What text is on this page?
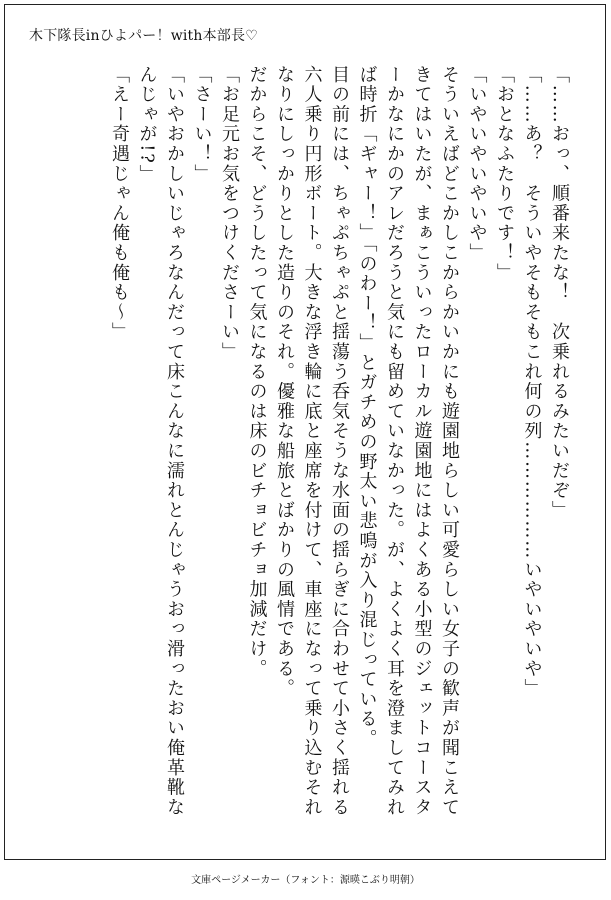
木下隊長inひよパー！with本部長♡

「……おっ、順番来たな！　次乗れるみたいだぞ」

「……あ？　そういやそもそもこれ何の列………………いやいやいや」

「おとなふたりです！」

「いやいやいやいや」

そういえばどこかしこからかいかにも遊園地らしい可愛らしい女子の歓声が聞こえてきてはいたが、まぁこういったローカル遊園地にはよくある小型のジェットコースターかなにかのアレだろうと気にも留めていなかった。が、よくよく耳を澄ましてみれば時折「ギャー！」「のわー！」とガチめの野太い悲鳴が入り混じっている。

目の前には、ちゃぷちゃぷと揺蕩う呑気そうな水面の揺らぎに合わせて小さく揺れる六人乗り円形ボート。大きな浮き輪に底と座席を付けて、車座になって乗り込むそれなりにしっかりとした造りのそれ。優雅な船旅とばかりの風情である。

だからこそ、どうしたって気になるのは床のビチョビチョ加減だけ。

「お足元お気をつけくださーい」

「さーい！」

「いやおかしいじゃろなんだって床こんなに濡れとんじゃうおっ滑ったおい俺革靴なんじゃが!?」

「えー奇遇じゃん俺も俺も～」

文庫ページメーカー（フォント：源暎こぶり明朝）
